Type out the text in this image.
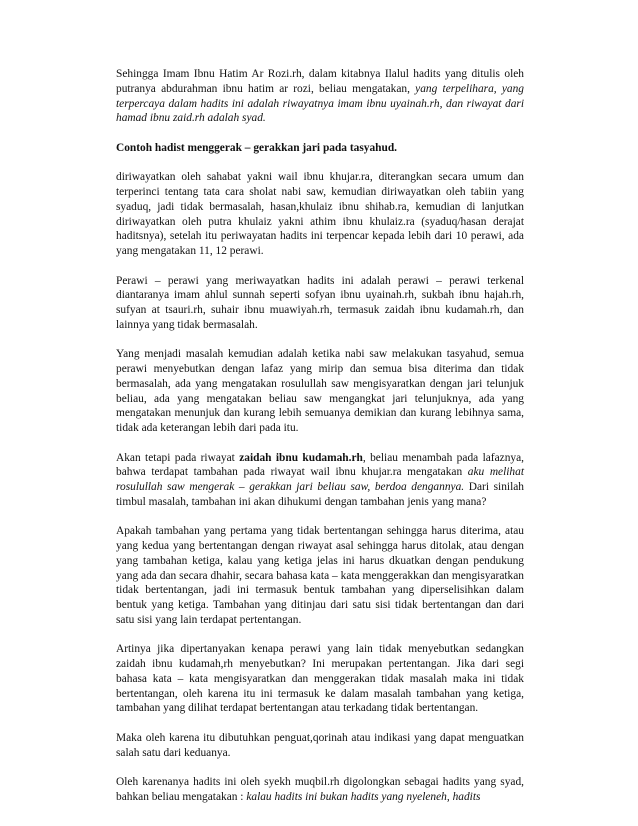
Sehingga Imam Ibnu Hatim Ar Rozi.rh, dalam kitabnya Ilalul hadits yang ditulis oleh putranya abdurahman ibnu hatim ar rozi, beliau mengatakan, yang terpelihara, yang terpercaya dalam hadits ini adalah riwayatnya imam ibnu uyainah.rh, dan riwayat dari hamad ibnu zaid.rh adalah syad.

Contoh hadist menggerak – gerakkan jari pada tasyahud.

diriwayatkan oleh sahabat yakni wail ibnu khujar.ra, diterangkan secara umum dan terperinci tentang tata cara sholat nabi saw, kemudian diriwayatkan oleh tabiin yang syaduq, jadi tidak bermasalah, hasan,khulaiz ibnu shihab.ra, kemudian di lanjutkan diriwayatkan oleh putra khulaiz yakni athim ibnu khulaiz.ra (syaduq/hasan derajat haditsnya), setelah itu periwayatan hadits ini terpencar kepada lebih dari 10 perawi, ada yang mengatakan 11, 12 perawi.

Perawi – perawi yang meriwayatkan hadits ini adalah perawi – perawi terkenal diantaranya imam ahlul sunnah seperti sofyan ibnu uyainah.rh, sukbah ibnu hajah.rh, sufyan at tsauri.rh, suhair ibnu muawiyah.rh, termasuk zaidah ibnu kudamah.rh, dan lainnya yang tidak bermasalah.

Yang menjadi masalah kemudian adalah ketika nabi saw melakukan tasyahud, semua perawi menyebutkan dengan lafaz yang mirip dan semua bisa diterima dan tidak bermasalah, ada yang mengatakan rosulullah saw mengisyaratkan dengan jari telunjuk beliau, ada yang mengatakan beliau saw mengangkat jari telunjuknya, ada yang mengatakan menunjuk dan kurang lebih semuanya demikian dan kurang lebihnya sama, tidak ada keterangan lebih dari pada itu.

Akan tetapi pada riwayat zaidah ibnu kudamah.rh, beliau menambah pada lafaznya, bahwa terdapat tambahan pada riwayat wail ibnu khujar.ra mengatakan aku melihat rosulullah saw mengerak – gerakkan jari beliau saw, berdoa dengannya. Dari sinilah timbul masalah, tambahan ini akan dihukumi dengan tambahan jenis yang mana?

Apakah tambahan yang pertama yang tidak bertentangan sehingga harus diterima, atau yang kedua yang bertentangan dengan riwayat asal sehingga harus ditolak, atau dengan yang tambahan ketiga, kalau yang ketiga jelas ini harus dkuatkan dengan pendukung yang ada dan secara dhahir, secara bahasa kata – kata menggerakkan dan mengisyaratkan tidak bertentangan, jadi ini termasuk bentuk tambahan yang diperselisihkan dalam bentuk yang ketiga. Tambahan yang ditinjau dari satu sisi tidak bertentangan dan dari satu sisi yang lain terdapat pertentangan.

Artinya jika dipertanyakan kenapa perawi yang lain tidak menyebutkan sedangkan zaidah ibnu kudamah,rh menyebutkan? Ini merupakan pertentangan. Jika dari segi bahasa kata – kata mengisyaratkan dan menggerakan tidak masalah maka ini tidak bertentangan, oleh karena itu ini termasuk ke dalam masalah tambahan yang ketiga, tambahan yang dilihat terdapat bertentangan atau terkadang tidak bertentangan.

Maka oleh karena itu dibutuhkan penguat,qorinah atau indikasi yang dapat menguatkan salah satu dari keduanya.

Oleh karenanya hadits ini oleh syekh muqbil.rh digolongkan sebagai hadits yang syad, bahkan beliau mengatakan : kalau hadits ini bukan hadits yang nyeleneh, hadits
